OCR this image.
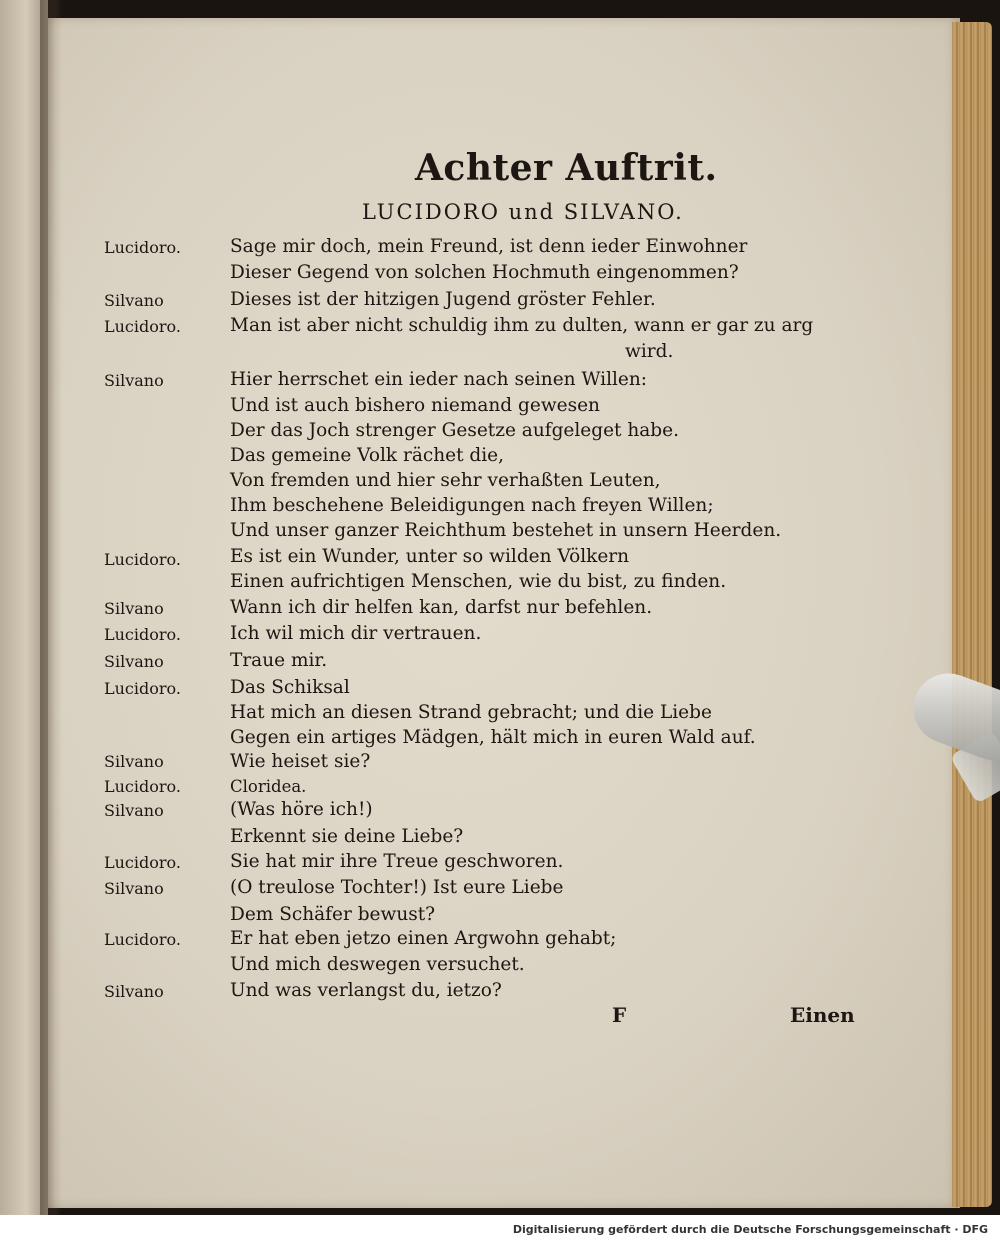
Achter Auftrit.
LUCIDORO und SILVANO.
Lucidoro.	Sage mir doch, mein Freund, ist denn ieder Einwohner
Dieser Gegend von solchen Hochmuth eingenommen?
Silvano	Dieses ist der hitzigen Jugend gröster Fehler.
Lucidoro.	Man ist aber nicht schuldig ihm zu dulten, wann er gar zu arg
wird.
Silvano	Hier herrschet ein ieder nach seinen Willen:
Und ist auch bishero niemand gewesen
Der das Joch strenger Gesetze aufgeleget habe.
Das gemeine Volk rächet die,
Von fremden und hier sehr verhaßten Leuten,
Ihm beschehene Beleidigungen nach freyen Willen;
Und unser ganzer Reichthum bestehet in unsern Heerden.
Lucidoro.	Es ist ein Wunder, unter so wilden Völkern
Einen aufrichtigen Menschen, wie du bist, zu finden.
Silvano	Wann ich dir helfen kan, darfst nur befehlen.
Lucidoro.	Ich wil mich dir vertrauen.
Silvano	Traue mir.
Lucidoro.	Das Schiksal
Hat mich an diesen Strand gebracht; und die Liebe
Gegen ein artiges Mädgen, hält mich in euren Wald auf.
Silvano	Wie heiset sie?
Lucidoro.	Cloridea.
Silvano	(Was höre ich!)
Erkennt sie deine Liebe?
Lucidoro.	Sie hat mir ihre Treue geschworen.
Silvano	(O treulose Tochter!) Ist eure Liebe
Dem Schäfer bewust?
Lucidoro.	Er hat eben jetzo einen Argwohn gehabt;
Und mich deswegen versuchet.
Silvano	Und was verlangst du, ietzo?
F	Einen
Digitalisierung gefördert durch die Deutsche Forschungsgemeinschaft · DFG
